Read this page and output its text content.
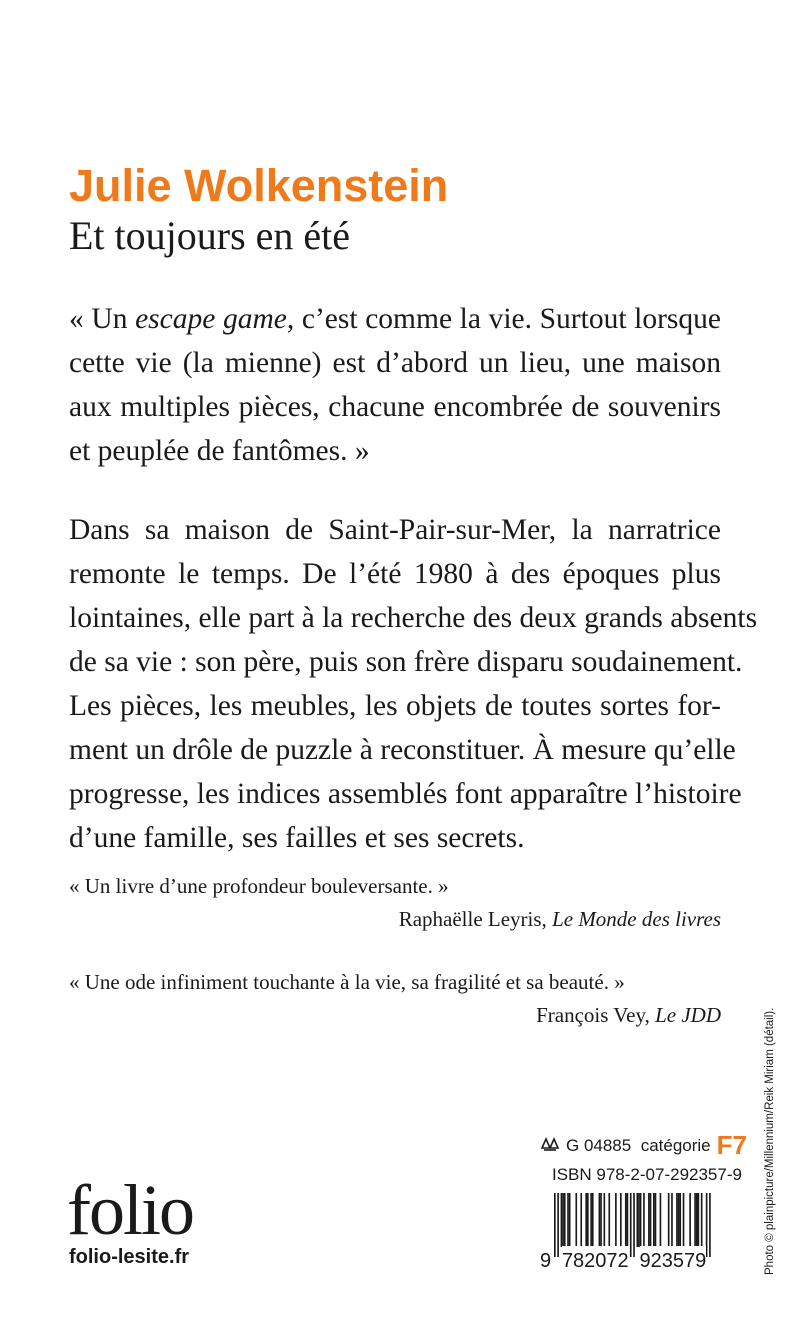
Julie Wolkenstein
Et toujours en été
« Un escape game, c’est comme la vie. Surtout lorsque
cette vie (la mienne) est d’abord un lieu, une maison
aux multiples pièces, chacune encombrée de souvenirs
et peuplée de fantômes. »
Dans sa maison de Saint-Pair-sur-Mer, la narratrice
remonte le temps. De l’été 1980 à des époques plus
lointaines, elle part à la recherche des deux grands absents
de sa vie : son père, puis son frère disparu soudainement.
Les pièces, les meubles, les objets de toutes sortes for-
ment un drôle de puzzle à reconstituer. À mesure qu’elle
progresse, les indices assemblés font apparaître l’histoire
d’une famille, ses failles et ses secrets.
« Un livre d’une profondeur bouleversante. »
Raphaëlle Leyris, Le Monde des livres
« Une ode infiniment touchante à la vie, sa fragilité et sa beauté. »
François Vey, Le JDD
folio
folio-lesite.fr
G 04885 catégorie F7
ISBN 978-2-07-292357-9
9 782072 923579	Photo © plainpicture/Millennium/Reik Miriam (détail).
